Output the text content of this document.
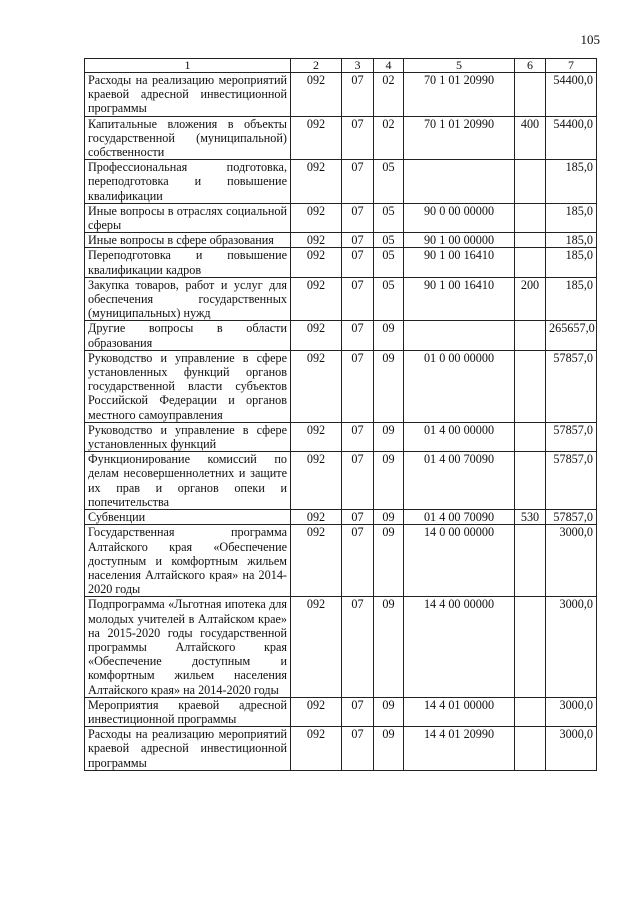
105
1	2	3	4	5	6	7
Расходы на реализацию мероприятий краевой адресной инвестиционной программы	092	07	02	70 1 01 20990		54400,0
Капитальные вложения в объекты государственной (муниципальной) собственности	092	07	02	70 1 01 20990	400	54400,0
Профессиональная подготовка, переподготовка и повышение квалификации	092	07	05			185,0
Иные вопросы в отраслях социальной сферы	092	07	05	90 0 00 00000		185,0
Иные вопросы в сфере образования	092	07	05	90 1 00 00000		185,0
Переподготовка и повышение квалификации кадров	092	07	05	90 1 00 16410		185,0
Закупка товаров, работ и услуг для обеспечения государственных (муниципальных) нужд	092	07	05	90 1 00 16410	200	185,0
Другие вопросы в области образования	092	07	09			265657,0
Руководство и управление в сфере установленных функций органов государственной власти субъектов Российской Федерации и органов местного самоуправления	092	07	09	01 0 00 00000		57857,0
Руководство и управление в сфере установленных функций	092	07	09	01 4 00 00000		57857,0
Функционирование комиссий по делам несовершеннолетних и защите их прав и органов опеки и попечительства	092	07	09	01 4 00 70090		57857,0
Субвенции	092	07	09	01 4 00 70090	530	57857,0
Государственная программа Алтайского края «Обеспечение доступным и комфортным жильем населения Алтайского края» на 2014-2020 годы	092	07	09	14 0 00 00000		3000,0
Подпрограмма «Льготная ипотека для молодых учителей в Алтайском крае» на 2015-2020 годы государственной программы Алтайского края «Обеспечение доступным и комфортным жильем населения Алтайского края» на 2014-2020 годы	092	07	09	14 4 00 00000		3000,0
Мероприятия краевой адресной инвестиционной программы	092	07	09	14 4 01 00000		3000,0
Расходы на реализацию мероприятий краевой адресной инвестиционной программы	092	07	09	14 4 01 20990		3000,0
